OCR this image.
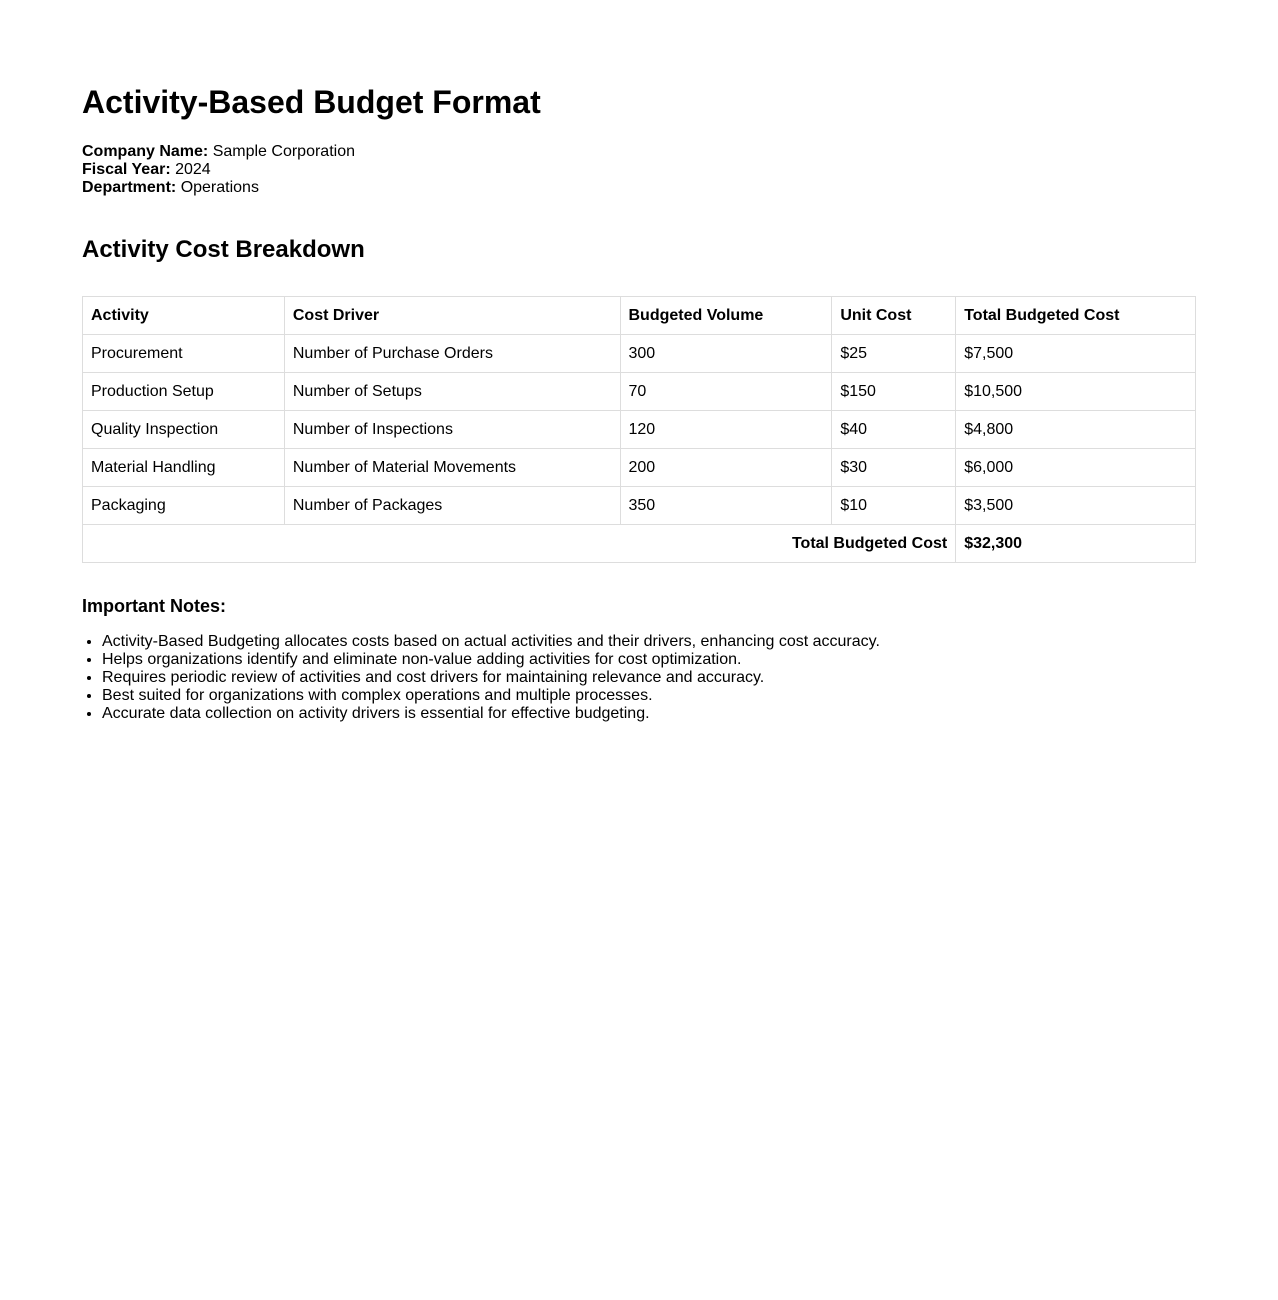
Activity-Based Budget Format
Company Name: Sample Corporation
Fiscal Year: 2024
Department: Operations
Activity Cost Breakdown
Activity	Cost Driver	Budgeted Volume	Unit Cost	Total Budgeted Cost
Procurement	Number of Purchase Orders	300	$25	$7,500
Production Setup	Number of Setups	70	$150	$10,500
Quality Inspection	Number of Inspections	120	$40	$4,800
Material Handling	Number of Material Movements	200	$30	$6,000
Packaging	Number of Packages	350	$10	$3,500
Total Budgeted Cost				$32,300
Important Notes:
• Activity-Based Budgeting allocates costs based on actual activities and their drivers, enhancing cost accuracy.
• Helps organizations identify and eliminate non-value adding activities for cost optimization.
• Requires periodic review of activities and cost drivers for maintaining relevance and accuracy.
• Best suited for organizations with complex operations and multiple processes.
• Accurate data collection on activity drivers is essential for effective budgeting.
